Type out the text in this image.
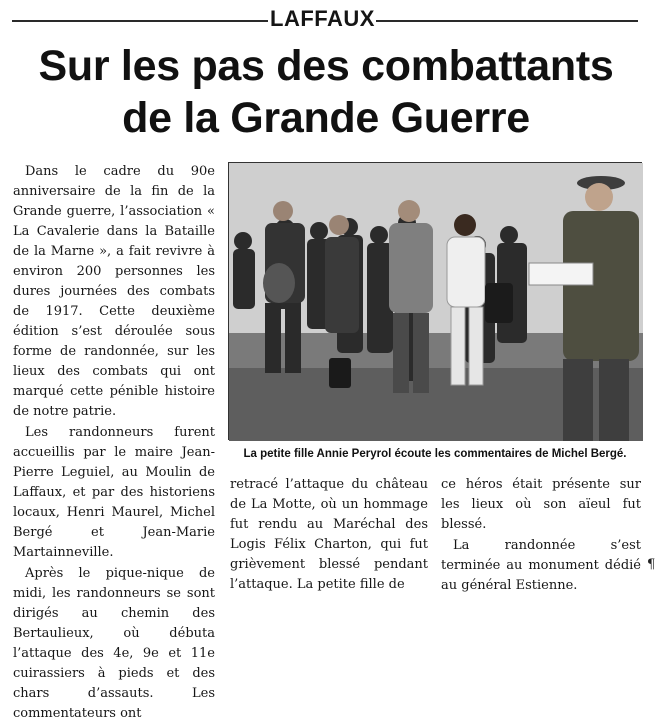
LAFFAUX
Sur les pas des combattants
de la Grande Guerre

Dans le cadre du 90e anniversaire de la fin de la Grande guerre, l’association « La Cavalerie dans la Bataille de la Marne », a fait revivre à environ 200 personnes les dures journées des combats de 1917. Cette deuxième édition s’est déroulée sous forme de randonnée, sur les lieux des combats qui ont marqué cette pénible histoire de notre patrie.

Les randonneurs furent accueillis par le maire Jean-Pierre Leguiel, au Moulin de Laffaux, et par des historiens locaux, Henri Maurel, Michel Bergé et Jean-Marie Martainneville.

Après le pique-nique de midi, les randonneurs se sont dirigés au chemin des Bertaulieux, où débuta l’attaque des 4e, 9e et 11e cuirassiers à pieds et des chars d’assauts. Les commentateurs ont

La petite fille Annie Peryrol écoute les commentaires de Michel Bergé.

retracé l’attaque du château de La Motte, où un hommage fut rendu au Maréchal des Logis Félix Charton, qui fut grièvement blessé pendant l’attaque. La petite fille de

ce héros était présente sur les lieux où son aïeul fut blessé.

La randonnée s’est terminée au monument dédié au général Estienne.

¶
